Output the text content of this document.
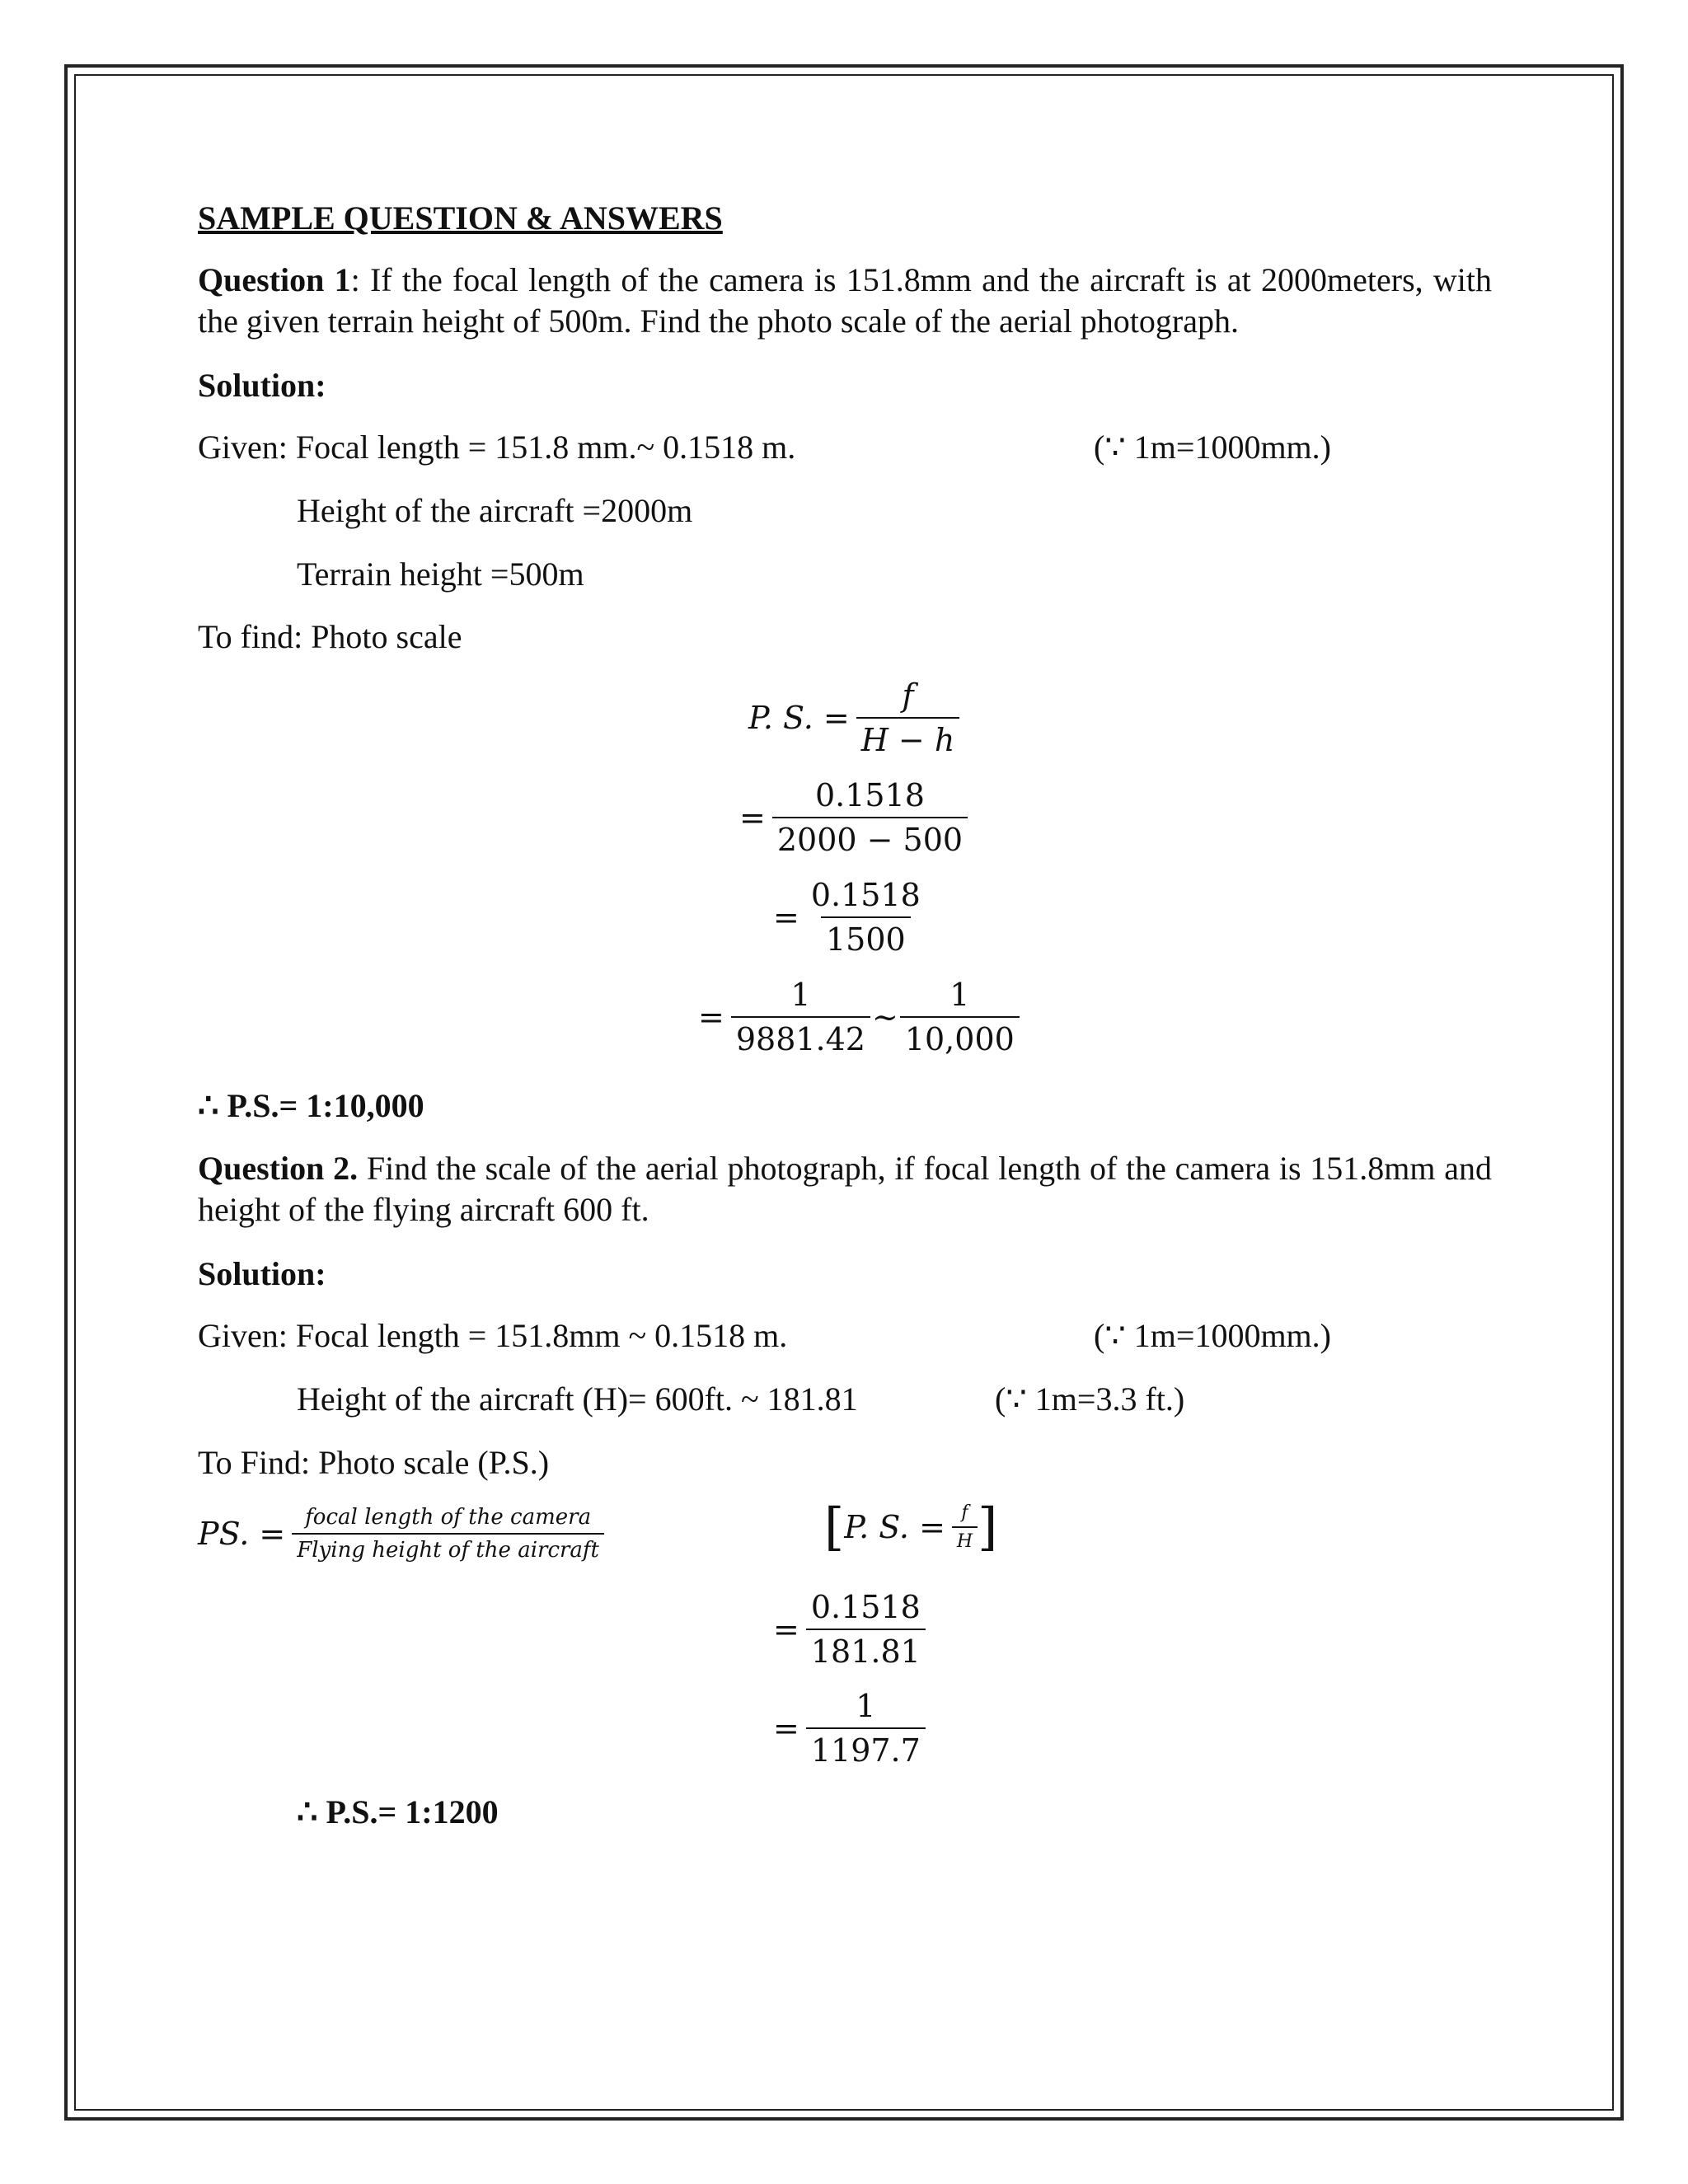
SAMPLE QUESTION & ANSWERS
Question 1: If the focal length of the camera is 151.8mm and the aircraft is at 2000meters, with the given terrain height of 500m. Find the photo scale of the aerial photograph.
Solution:
Given: Focal length = 151.8 mm.~ 0.1518 m.	(∵ 1m=1000mm.)
Height of the aircraft =2000m
Terrain height =500m
To find: Photo scale
P. S. = $\frac{f}{H - h}$
= $\frac{0.1518}{2000 - 500}$
= $\frac{0.1518}{1500}$
= $\frac{1}{9881.42}$ ~ $\frac{1}{10,000}$
∴ P.S.= 1:10,000
Question 2. Find the scale of the aerial photograph, if focal length of the camera is 151.8mm and height of the flying aircraft 600 ft.
Solution:
Given: Focal length = 151.8mm ~ 0.1518 m.	(∵ 1m=1000mm.)
Height of the aircraft (H)= 600ft. ~ 181.81	(∵ 1m=3.3 ft.)
To Find: Photo scale (P.S.)
PS. = $\frac{\text{focal length of the camera}}{\text{Flying height of the aircraft}}$	[ P. S. = $\frac{f}{H}$ ]
= $\frac{0.1518}{181.81}$
= $\frac{1}{1197.7}$
∴ P.S.= 1:1200
